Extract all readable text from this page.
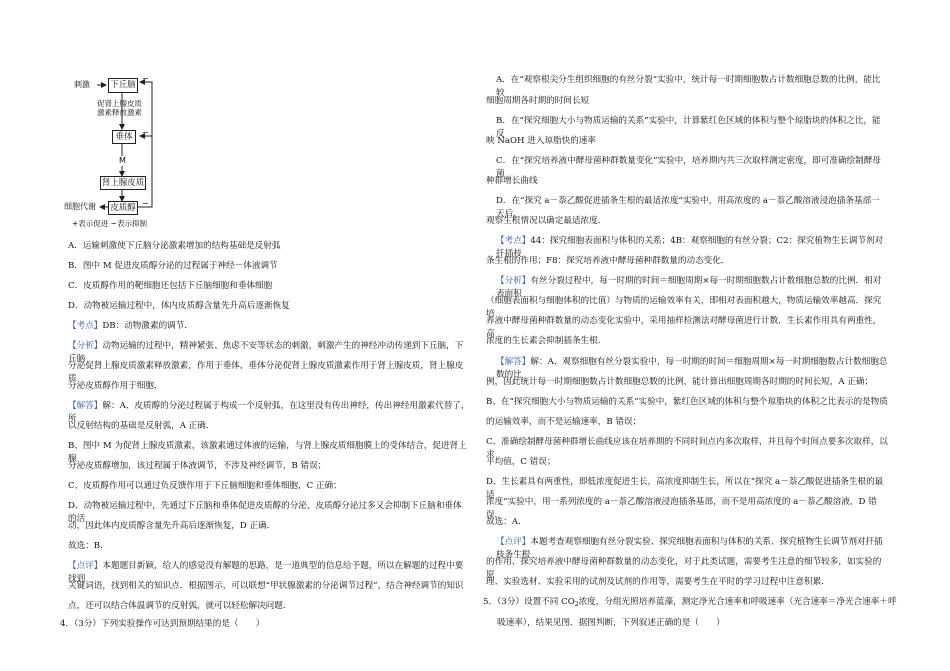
刺激 下丘脑
促肾上腺皮质
激素释放激素
垂体
M
肾上腺皮质
细胞代谢 皮质醇
−
−
−
+表示促进 −表示抑制

A．运输刺激使下丘脑分泌激素增加的结构基础是反射弧

B．图中 M 促进皮质醇分泌的过程属于神经－体液调节

C．皮质醇作用的靶细胞还包括下丘脑细胞和垂体细胞

D．动物被运输过程中，体内皮质醇含量先升高后逐渐恢复

【考点】DB：动物激素的调节．

【分析】动物运输的过程中，精神紧张、焦虑不安等状态的刺激，刺激产生的神经冲动传递到下丘脑，下丘脑

分泌促肾上腺皮质激素释放激素，作用于垂体，垂体分泌促肾上腺皮质激素作用于肾上腺皮质，肾上腺皮质

分泌皮质醇作用于细胞．

【解答】解：A、皮质醇的分泌过程属于构成一个反射弧，在这里没有传出神经，传出神经用激素代替了，所

以反射结构的基础是反射弧，A 正确．

B、图中 M 为促肾上腺皮质激素，该激素通过体液的运输，与肾上腺皮质细胞膜上的受体结合，促进肾上腺

分泌皮质醇增加，该过程属于体液调节，不涉及神经调节，B 错误；

C、皮质醇作用可以通过负反馈作用于下丘脑细胞和垂体细胞，C 正确；

D、动物被运输过程中，先通过下丘脑和垂体促进皮质醇的分泌，皮质醇分泌过多又会抑制下丘脑和垂体的活

动，因此体内皮质醇含量先升高后逐渐恢复，D 正确．

故选：B．

【点评】本题题目新颖，给人的感觉没有解题的思路，是一道典型的信息给予题，所以在解题的过程中要找到

关键词语，找到相关的知识点．根据图示，可以联想“甲状腺激素的分泌调节过程”，结合神经调节的知识

点，还可以结合体温调节的反射弧，就可以轻松解决问题．

4．（3分）下列实验操作可达到预期结果的是（　　）

A．在“观察根尖分生组织细胞的有丝分裂”实验中，统计每一时期细胞数占计数细胞总数的比例，能比较

细胞周期各时期的时间长短

B．在“探究细胞大小与物质运输的关系”实验中，计算紫红色区域的体积与整个琼脂块的体积之比，能反

映 NaOH 进入琼脂快的速率

C．在“探究培养液中酵母菌种群数量变化”实验中，培养期内共三次取样测定密度，即可准确绘制酵母菌

种群增长曲线

D．在“探究 a－萘乙酸促进插条生根的最适浓度”实验中，用高浓度的 a－萘乙酸溶液浸泡插条基部一天后，

观察生根情况以确定最适浓度．

【考点】44：探究细胞表面积与体积的关系；4B：观察细胞的有丝分裂；C2：探究植物生长调节剂对扦插枝

条生根的作用；F8：探究培养液中酵母菌种群数量的动态变化．

【分析】有丝分裂过程中，每一时期的时间＝细胞周期×每一时期细胞数占计数细胞总数的比例．相对表面积

（细胞表面积与细胞体积的比值）与物质的运输效率有关，即相对表面积越大，物质运输效率越高．探究培

养液中酵母菌种群数量的动态变化实验中，采用抽样检测法对酵母菌进行计数．生长素作用具有两重性，高

浓度的生长素会抑制插条生根．

【解答】解：A、观察细胞有丝分裂实验中，每一时期的时间＝细胞周期×每一时期细胞数占计数细胞总数的比

例，因此统计每一时期细胞数占计数细胞总数的比例，能计算出细胞周期各时期的时间长短，A 正确；

B、在“探究细胞大小与物质运输的关系”实验中，紫红色区域的体积与整个琼脂块的体积之比表示的是物质

的运输效率，而不是运输速率，B 错误；

C、准确绘制酵母菌种群增长曲线应该在培养期的不同时间点内多次取样，并且每个时间点要多次取样，以求

平均值，C 错误；

D、生长素具有两重性，即低浓度促进生长，高浓度抑制生长，所以在“探究 a－萘乙酸促进插条生根的最适

浓度”实验中，用一系列浓度的 a－萘乙酸溶液浸泡插条基部，而不是用高浓度的 a－萘乙酸溶液，D 错误．

故选：A．

【点评】本题考查观察细胞有丝分裂实验、探究细胞表面积与体积的关系、探究植物生长调节剂对扦插枝条生根

的作用、探究培养液中酵母菌种群数量的动态变化，对于此类试题，需要考生注意的细节较多，如实验的原

理、实验选材、实验采用的试剂及试剂的作用等，需要考生在平时的学习过程中注意积累．

5．（3分）设置不同 $CO_2$浓度，分组光照培养蓝藻，测定净光合速率和呼吸速率（光合速率＝净光合速率＋呼

吸速率），结果见图．据图判断，下列叙述正确的是（　　）
